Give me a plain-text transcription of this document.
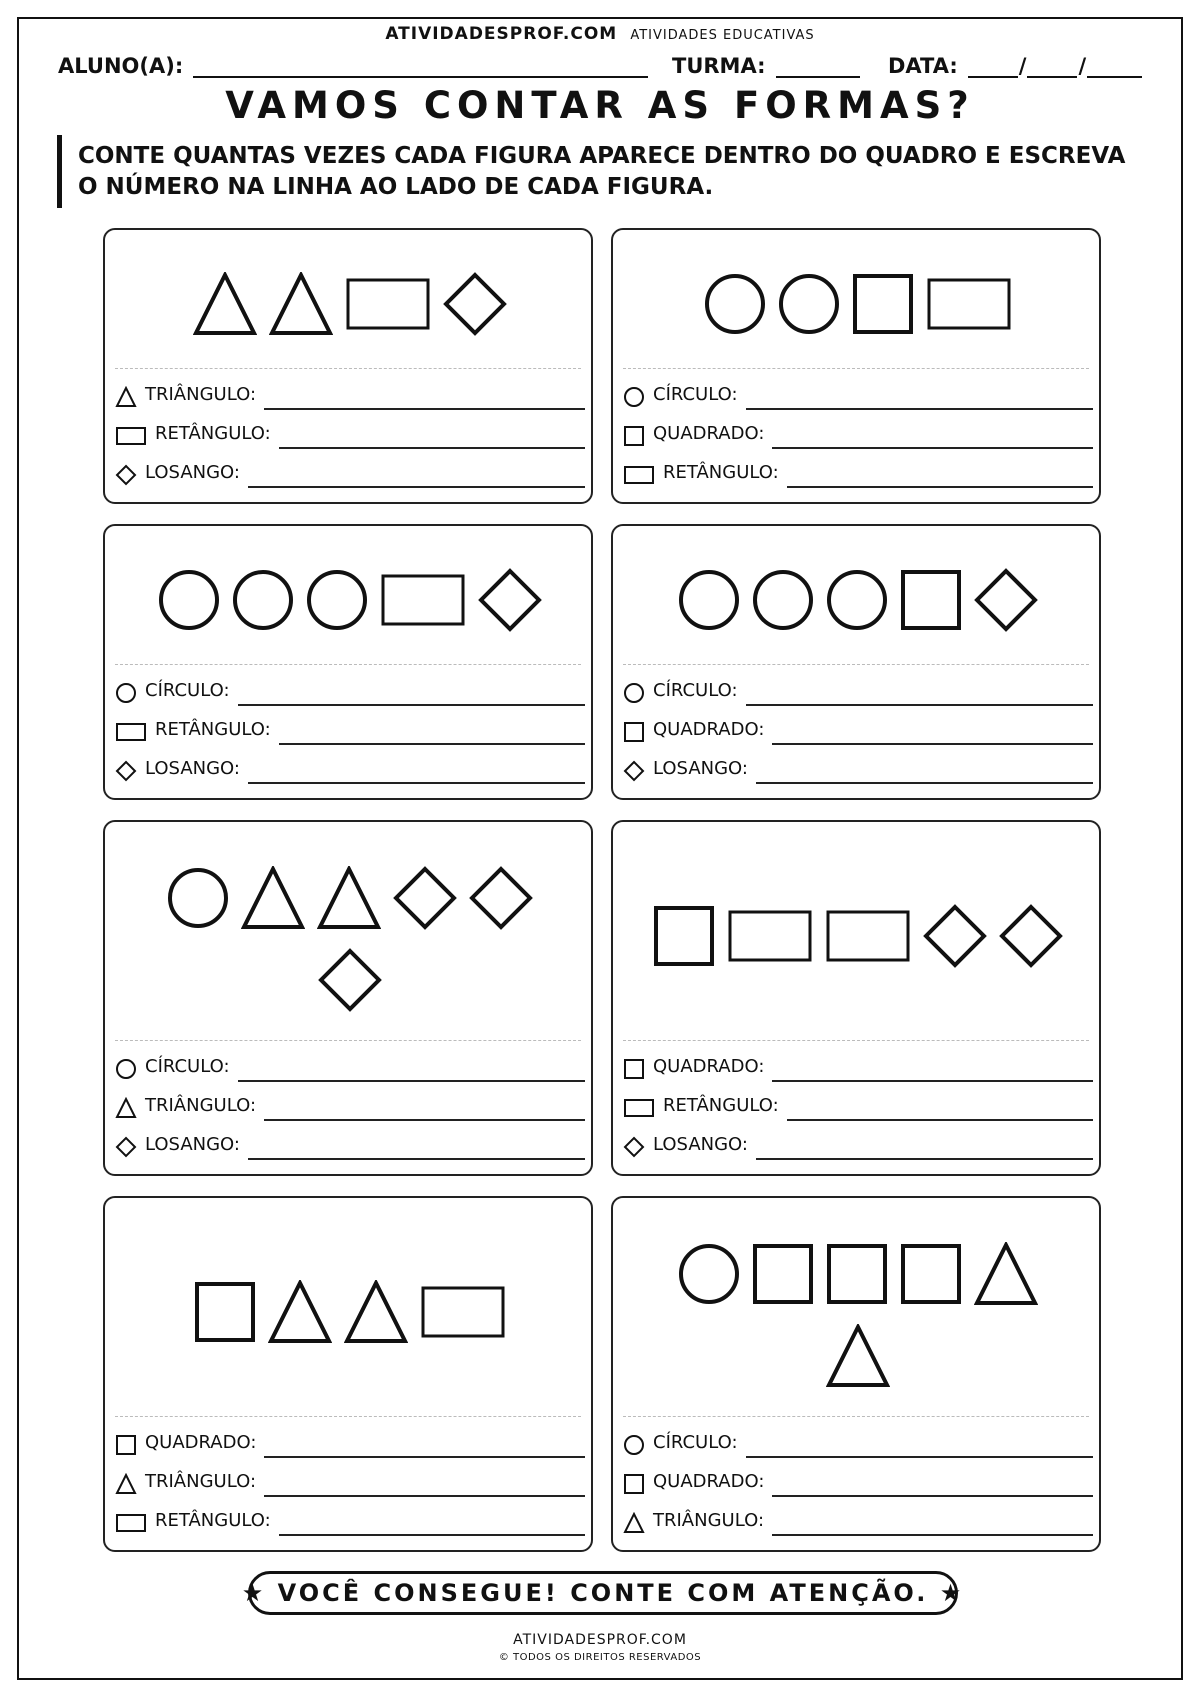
ATIVIDADESPROF.COM ATIVIDADES EDUCATIVAS
ALUNO(A):	TURMA:	DATA:	/ /
VAMOS CONTAR AS FORMAS?
CONTE QUANTAS VEZES CADA FIGURA APARECE DENTRO DO QUADRO E ESCREVA O NÚMERO NA LINHA AO LADO DE CADA FIGURA.
TRIÂNGULO:
RETÂNGULO:
LOSANGO:
CÍRCULO:
QUADRADO:
RETÂNGULO:
CÍRCULO:
RETÂNGULO:
LOSANGO:
CÍRCULO:
QUADRADO:
LOSANGO:
CÍRCULO:
TRIÂNGULO:
LOSANGO:
QUADRADO:
RETÂNGULO:
LOSANGO:
QUADRADO:
TRIÂNGULO:
RETÂNGULO:
CÍRCULO:
QUADRADO:
TRIÂNGULO:
★ VOCÊ CONSEGUE! CONTE COM ATENÇÃO. ★
ATIVIDADESPROF.COM
© TODOS OS DIREITOS RESERVADOS
